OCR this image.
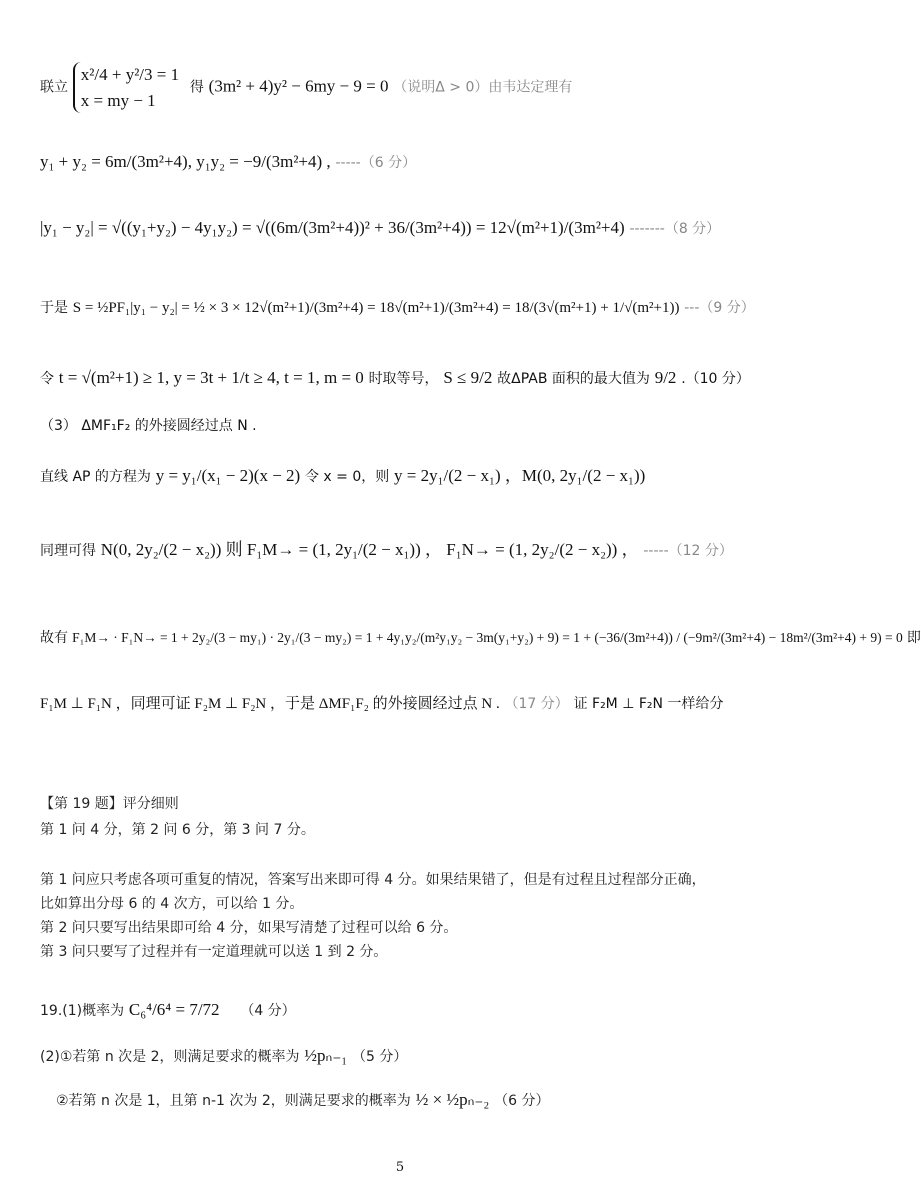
联立
x²/4 + y²/3 = 1
x = my − 1
得 (3m² + 4)y² − 6my − 9 = 0 （说明Δ > 0）由韦达定理有
y₁ + y₂ = 6m/(3m²+4), y₁y₂ = −9/(3m²+4) , -----（6 分）
|y₁ − y₂| = √((y₁+y₂) − 4y₁y₂) = √((6m/(3m²+4))² + 36/(3m²+4)) = 12√(m²+1)/(3m²+4) -------（8 分）
于是 S = ½PF₁|y₁ − y₂| = ½ × 3 × 12√(m²+1)/(3m²+4) = 18√(m²+1)/(3m²+4) = 18/(3√(m²+1) + 1/√(m²+1)) ---（9 分）
令 t = √(m²+1) ≥ 1, y = 3t + 1/t ≥ 4, t = 1, m = 0 时取等号， S ≤ 9/2 故ΔPAB 面积的最大值为 9/2 .（10 分）
（3） ΔMF₁F₂ 的外接圆经过点 N .
直线 AP 的方程为 y = y₁/(x₁ − 2)(x − 2) 令 x = 0，则 y = 2y₁/(2 − x₁) ，M(0, 2y₁/(2 − x₁))
同理可得 N(0, 2y₂/(2 − x₂)) 则 F₁M→ = (1, 2y₁/(2 − x₁)) ， F₁N→ = (1, 2y₂/(2 − x₂)) ， -----（12 分）
故有 F₁M→ · F₁N→ = 1 + 2y₂/(3 − my₁) · 2y₁/(3 − my₂) = 1 + 4y₁y₂/(m²y₁y₂ − 3m(y₁+y₂) + 9) = 1 + (−36/(3m²+4)) / (−9m²/(3m²+4) − 18m²/(3m²+4) + 9) = 0 即
F₁M ⊥ F₁N ，同理可证 F₂M ⊥ F₂N ，于是 ΔMF₁F₂ 的外接圆经过点 N . （17 分） 证 F₂M ⊥ F₂N 一样给分
【第 19 题】评分细则
第 1 问 4 分，第 2 问 6 分，第 3 问 7 分。
第 1 问应只考虑各项可重复的情况，答案写出来即可得 4 分。如果结果错了，但是有过程且过程部分正确，
比如算出分母 6 的 4 次方，可以给 1 分。
第 2 问只要写出结果即可给 4 分，如果写清楚了过程可以给 6 分。
第 3 问只要写了过程并有一定道理就可以送 1 到 2 分。
19.(1)概率为 C₆⁴/6⁴ = 7/72 （4 分）
(2)①若第 n 次是 2，则满足要求的概率为 ½pₙ₋₁ （5 分）
②若第 n 次是 1，且第 n-1 次为 2，则满足要求的概率为 ½ × ½pₙ₋₂ （6 分）
5
